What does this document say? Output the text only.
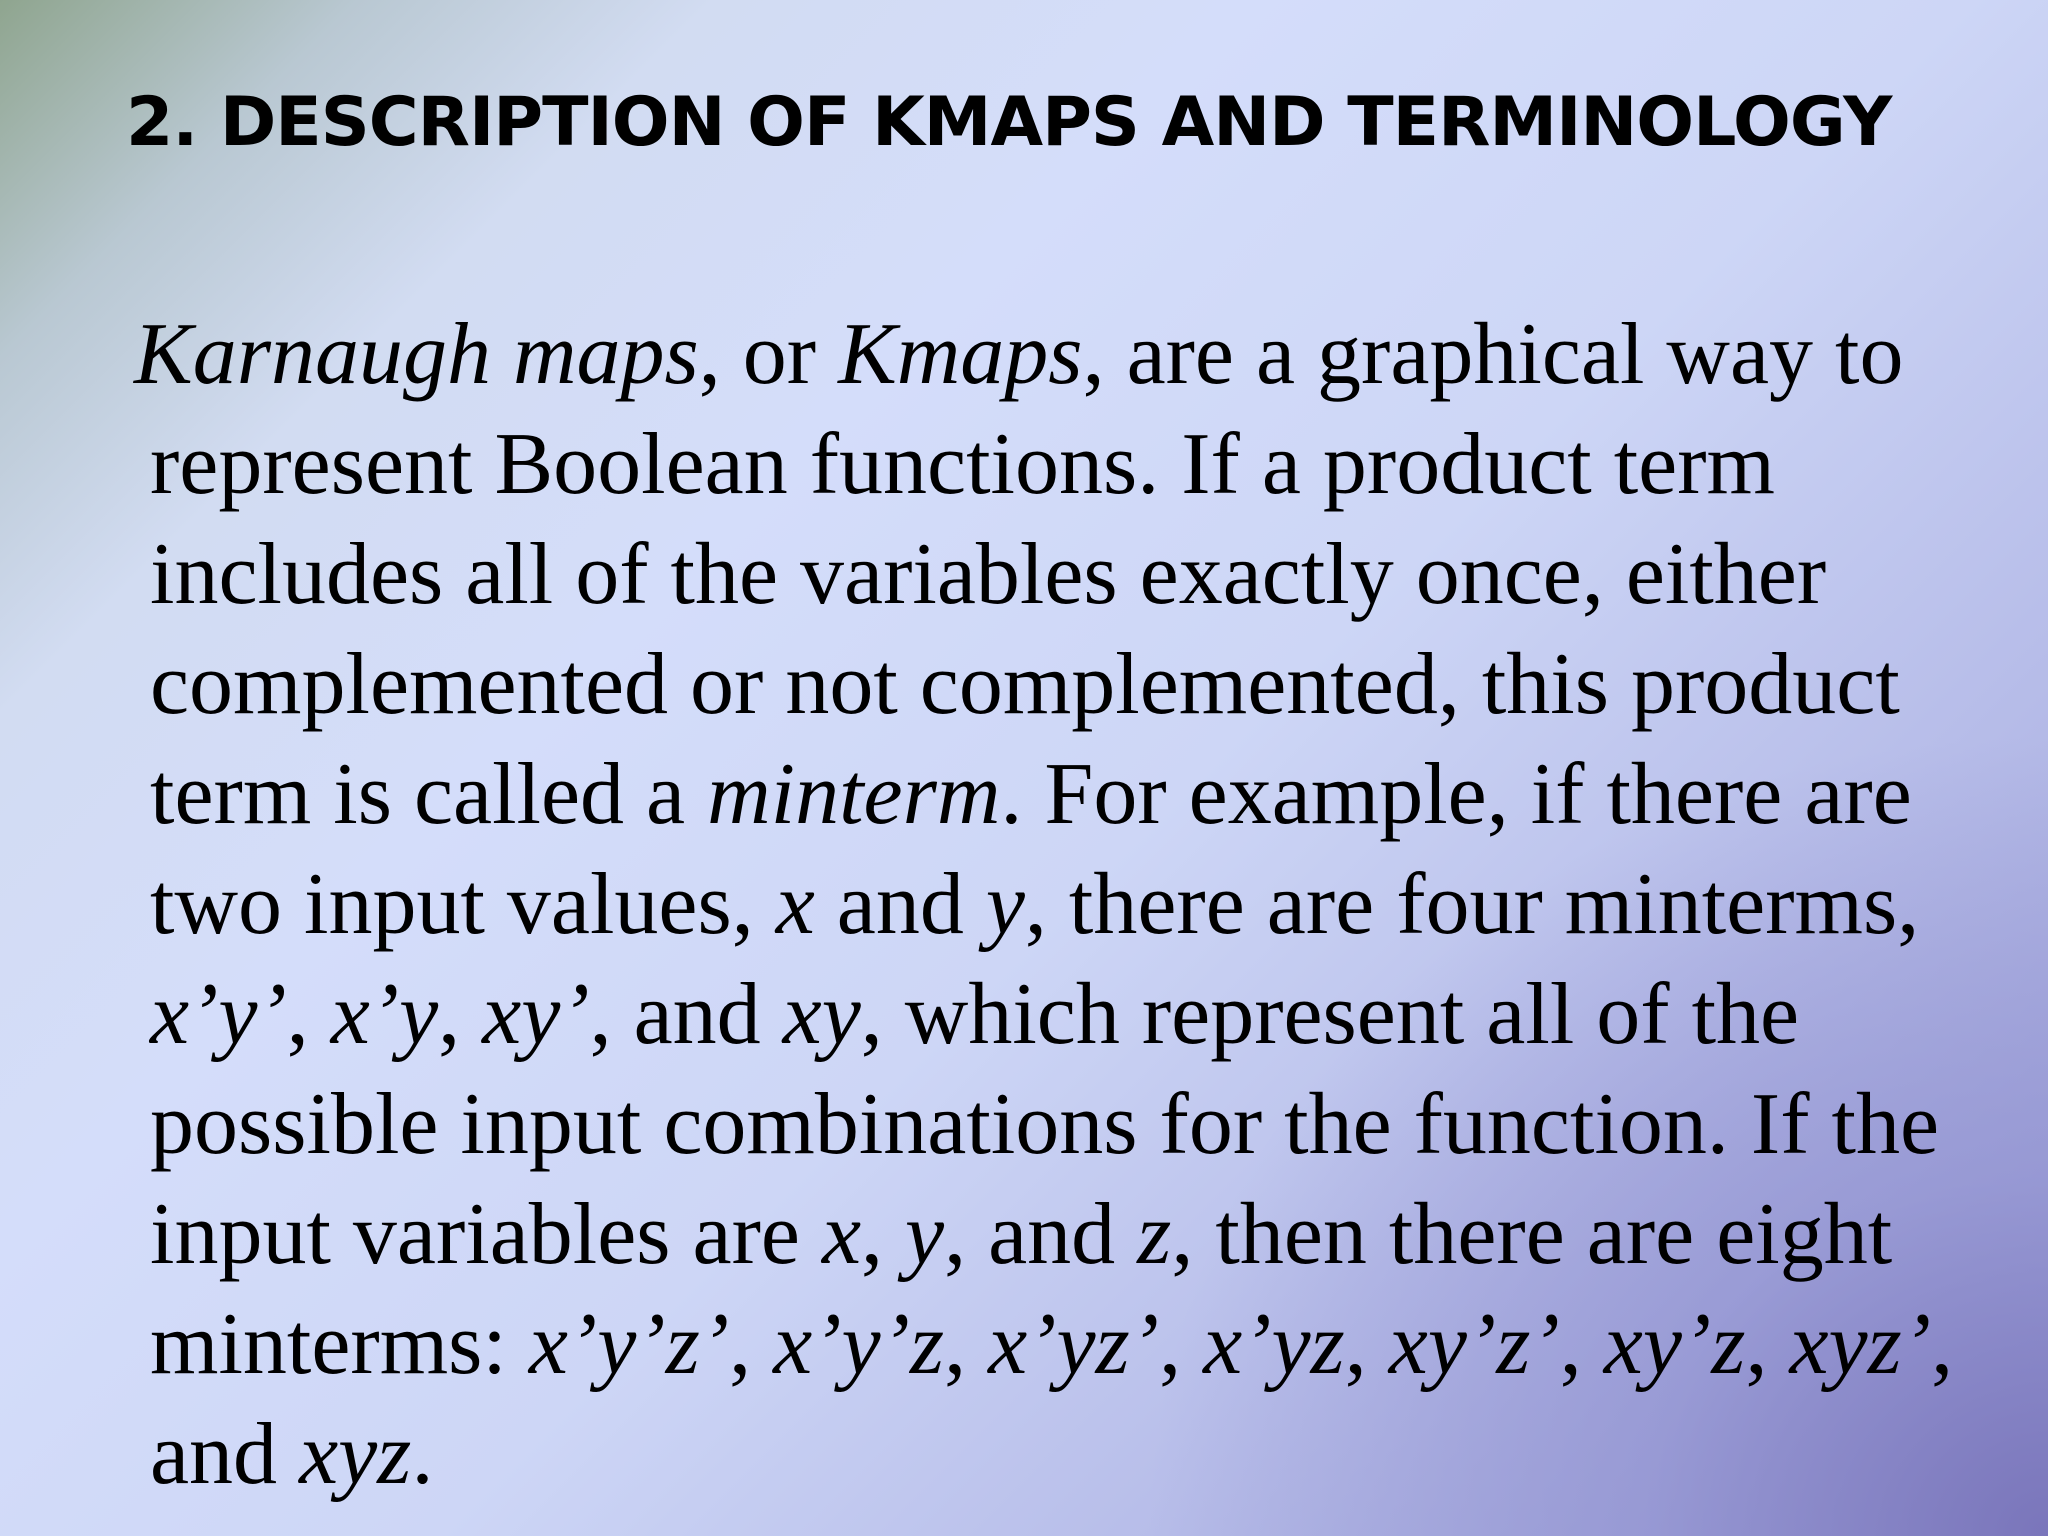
2. DESCRIPTION OF KMAPS AND TERMINOLOGY
Karnaugh maps, or Kmaps, are a graphical way to
represent Boolean functions. If a product term
includes all of the variables exactly once, either
complemented or not complemented, this product
term is called a minterm. For example, if there are
two input values, x and y, there are four minterms,
x’y’, x’y, xy’, and xy, which represent all of the
possible input combinations for the function. If the
input variables are x, y, and z, then there are eight
minterms: x’y’z’, x’y’z, x’yz’, x’yz, xy’z’, xy’z, xyz’,
and xyz.
